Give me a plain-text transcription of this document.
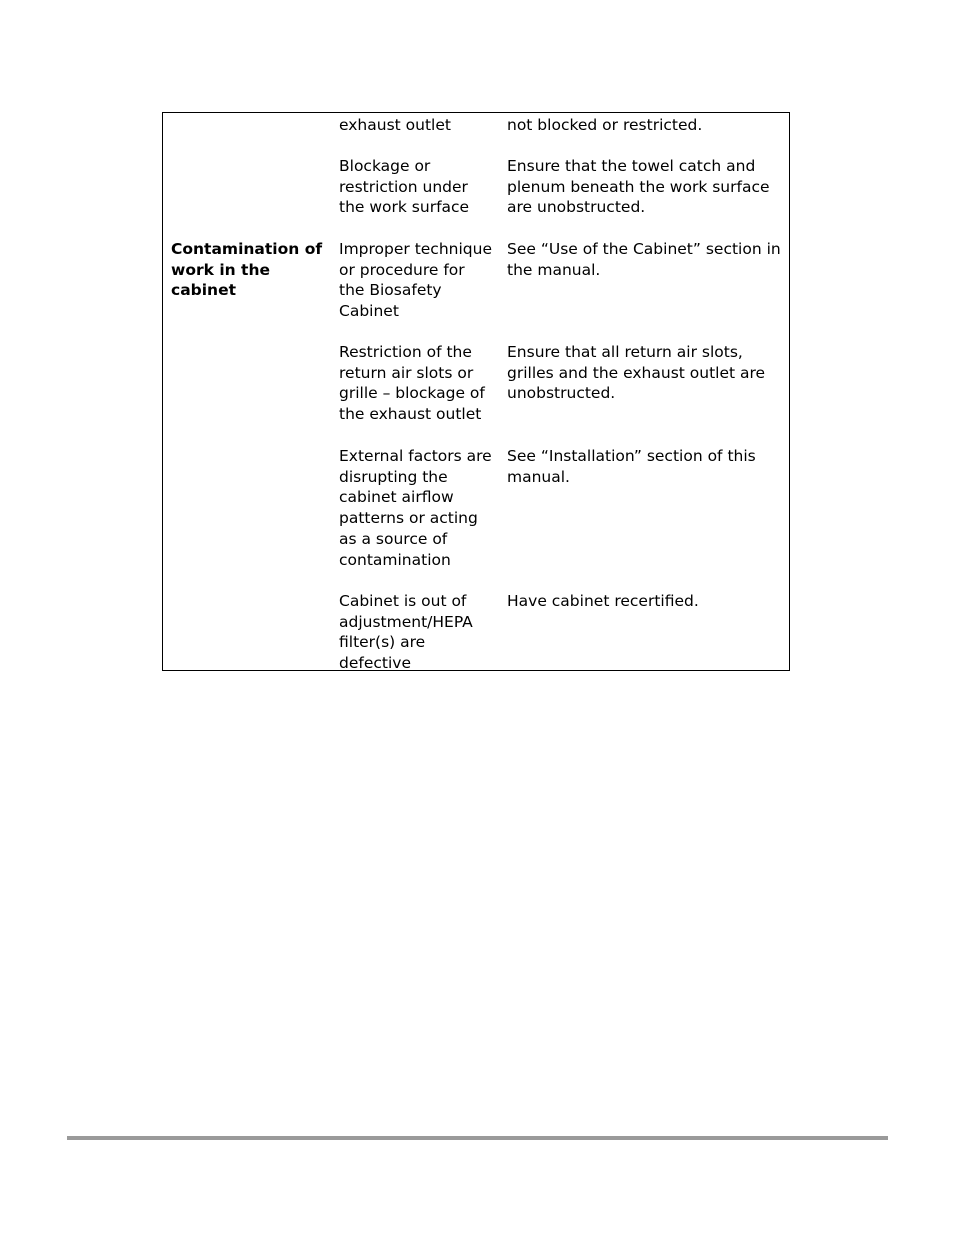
exhaust outlet	not blocked or restricted.
Blockage or
restriction under
the work surface
Ensure that the towel catch and
plenum beneath the work surface
are unobstructed.
Contamination of
work in the
cabinet
Improper technique
or procedure for
the Biosafety
Cabinet
See “Use of the Cabinet” section in
the manual.
Restriction of the
return air slots or
grille – blockage of
the exhaust outlet
Ensure that all return air slots,
grilles and the exhaust outlet are
unobstructed.
External factors are
disrupting the
cabinet airflow
patterns or acting
as a source of
contamination
See “Installation” section of this
manual.
Cabinet is out of
adjustment/HEPA
filter(s) are
defective
Have cabinet recertified.
